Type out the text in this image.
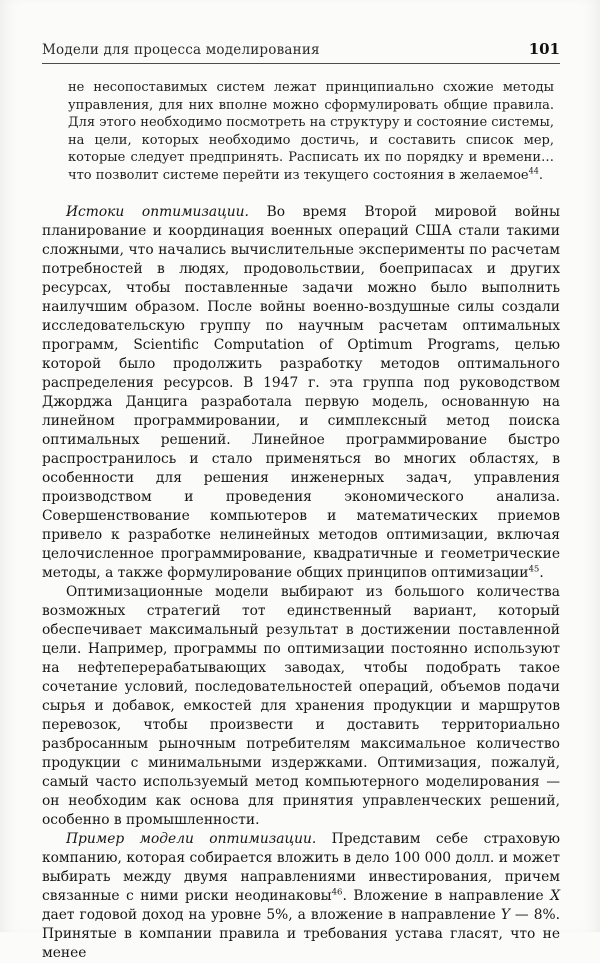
Модели для процесса моделирования	101
не несопоставимых систем лежат принципиально схожие методы управления, для них вполне можно сформулировать общие правила. Для этого необходимо посмотреть на структуру и состояние системы, на цели, которых необходимо достичь, и составить список мер, которые следует предпринять. Расписать их по порядку и времени… что позволит системе перейти из текущего состояния в желаемое$^{44}$.

Истоки оптимизации. Во время Второй мировой войны планирование и координация военных операций США стали такими сложными, что начались вычислительные эксперименты по расчетам потребностей в людях, продовольствии, боеприпасах и других ресурсах, чтобы поставленные задачи можно было выполнить наилучшим образом. После войны военно-воздушные силы создали исследовательскую группу по научным расчетам оптимальных программ, Scientific Computation of Optimum Programs, целью которой было продолжить разработку методов оптимального распределения ресурсов. В 1947 г. эта группа под руководством Джорджа Данцига разработала первую модель, основанную на линейном программировании, и симплексный метод поиска оптимальных решений. Линейное программирование быстро распространилось и стало применяться во многих областях, в особенности для решения инженерных задач, управления производством и проведения экономического анализа. Совершенствование компьютеров и математических приемов привело к разработке нелинейных методов оптимизации, включая целочисленное программирование, квадратичные и геометрические методы, а также формулирование общих принципов оптимизации$^{45}$.

Оптимизационные модели выбирают из большого количества возможных стратегий тот единственный вариант, который обеспечивает максимальный результат в достижении поставленной цели. Например, программы по оптимизации постоянно используют на нефтеперерабатывающих заводах, чтобы подобрать такое сочетание условий, последовательностей операций, объемов подачи сырья и добавок, емкостей для хранения продукции и маршрутов перевозок, чтобы произвести и доставить территориально разбросанным рыночным потребителям максимальное количество продукции с минимальными издержками. Оптимизация, пожалуй, самый часто используемый метод компьютерного моделирования — он необходим как основа для принятия управленческих решений, особенно в промышленности.

Пример модели оптимизации. Представим себе страховую компанию, которая собирается вложить в дело 100 000 долл. и может выбирать между двумя направлениями инвестирования, причем связанные с ними риски неодинаковы$^{46}$. Вложение в направление X дает годовой доход на уровне 5%, а вложение в направление Y — 8%. Принятые в компании правила и требования устава гласят, что не менее
